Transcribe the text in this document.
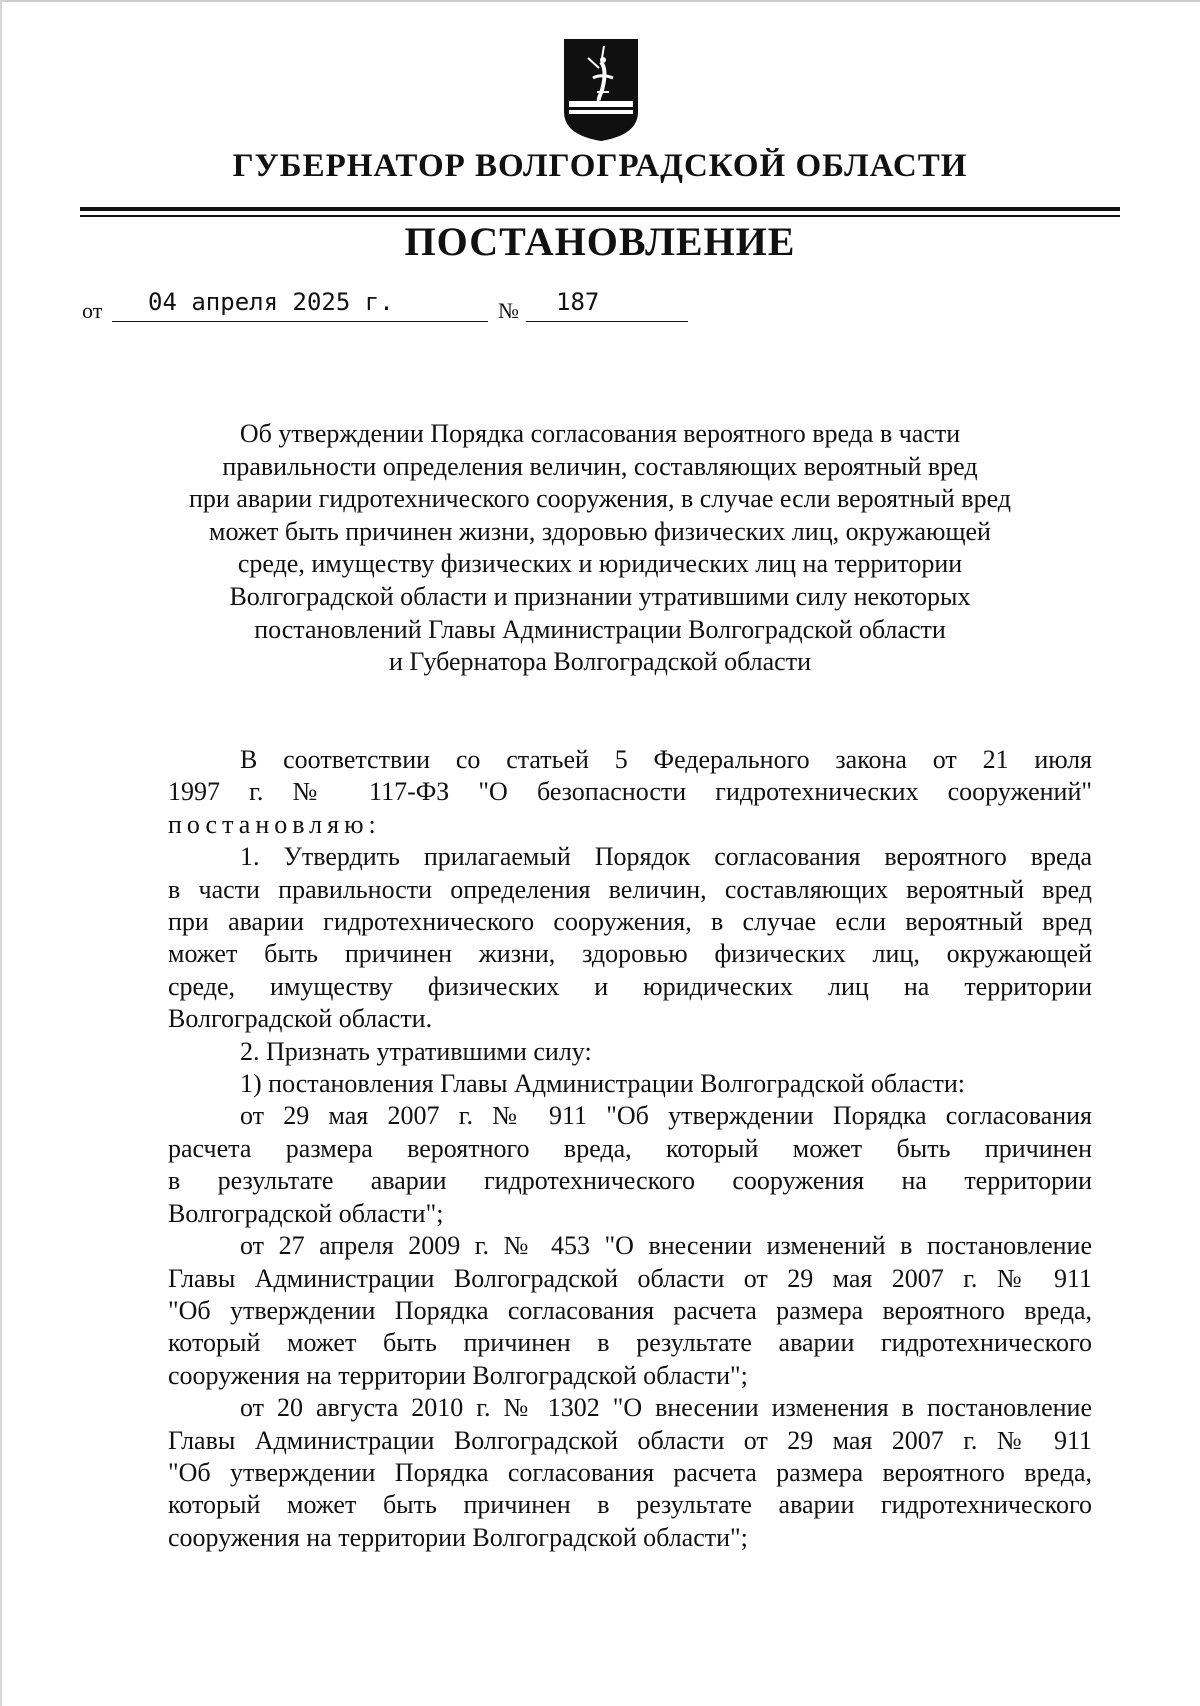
ГУБЕРНАТОР ВОЛГОГРАДСКОЙ ОБЛАСТИ
ПОСТАНОВЛЕНИЕ
от 04 апреля 2025 г.	№ 187

Об утверждении Порядка согласования вероятного вреда в части

правильности определения величин, составляющих вероятный вред

при аварии гидротехнического сооружения, в случае если вероятный вред

может быть причинен жизни, здоровью физических лиц, окружающей

среде, имуществу физических и юридических лиц на территории

Волгоградской области и признании утратившими силу некоторых

постановлений Главы Администрации Волгоградской области

и Губернатора Волгоградской области

В соответствии со статьей 5 Федерального закона от 21 июля

1997 г. № 117-ФЗ "О безопасности гидротехнических сооружений"

постановляю:

1. Утвердить прилагаемый Порядок согласования вероятного вреда

в части правильности определения величин, составляющих вероятный вред

при аварии гидротехнического сооружения, в случае если вероятный вред

может быть причинен жизни, здоровью физических лиц, окружающей

среде, имуществу физических и юридических лиц на территории

Волгоградской области.

2. Признать утратившими силу:

1) постановления Главы Администрации Волгоградской области:

от 29 мая 2007 г. № 911 "Об утверждении Порядка согласования

расчета размера вероятного вреда, который может быть причинен

в результате аварии гидротехнического сооружения на территории

Волгоградской области";

от 27 апреля 2009 г. № 453 "О внесении изменений в постановление

Главы Администрации Волгоградской области от 29 мая 2007 г. № 911

"Об утверждении Порядка согласования расчета размера вероятного вреда,

который может быть причинен в результате аварии гидротехнического

сооружения на территории Волгоградской области";

от 20 августа 2010 г. № 1302 "О внесении изменения в постановление

Главы Администрации Волгоградской области от 29 мая 2007 г. № 911

"Об утверждении Порядка согласования расчета размера вероятного вреда,

который может быть причинен в результате аварии гидротехнического

сооружения на территории Волгоградской области";
